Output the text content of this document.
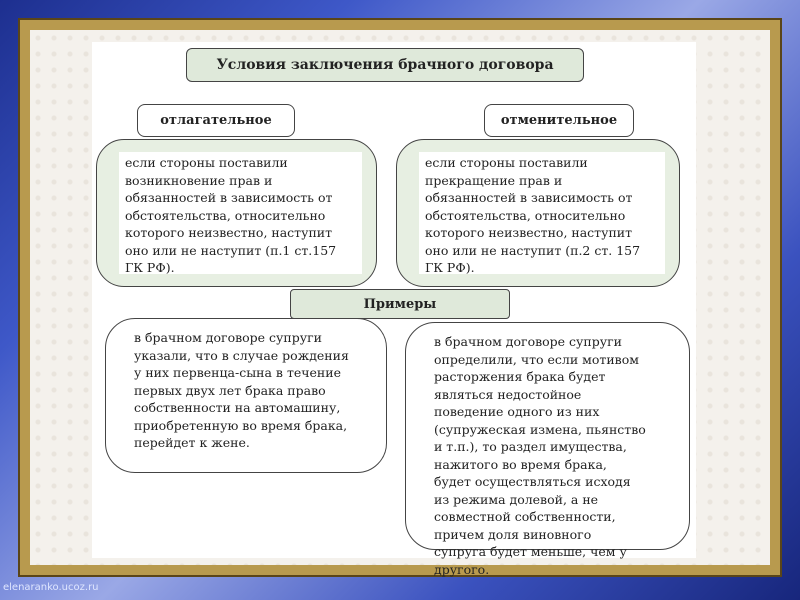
Условия заключения брачного договора
отлагательное	отменительное
если стороны поставили
возникновение прав и
обязанностей в зависимость от
обстоятельства, относительно
которого неизвестно, наступит
оно или не наступит (п.1 ст.157
ГК РФ).
если стороны поставили
прекращение прав и
обязанностей в зависимость от
обстоятельства, относительно
которого неизвестно, наступит
оно или не наступит (п.2 ст. 157
ГК РФ).
Примеры
в брачном договоре супруги
указали, что в случае рождения
у них первенца-сына в течение
первых двух лет брака право
собственности на автомашину,
приобретенную во время брака,
перейдет к жене.
в брачном договоре супруги
определили, что если мотивом
расторжения брака будет
являться недостойное
поведение одного из них
(супружеская измена, пьянство
и т.п.), то раздел имущества,
нажитого во время брака,
будет осуществляться исходя
из режима долевой, а не
совместной собственности,
причем доля виновного
супруга будет меньше, чем у
другого.
elenaranko.ucoz.ru
